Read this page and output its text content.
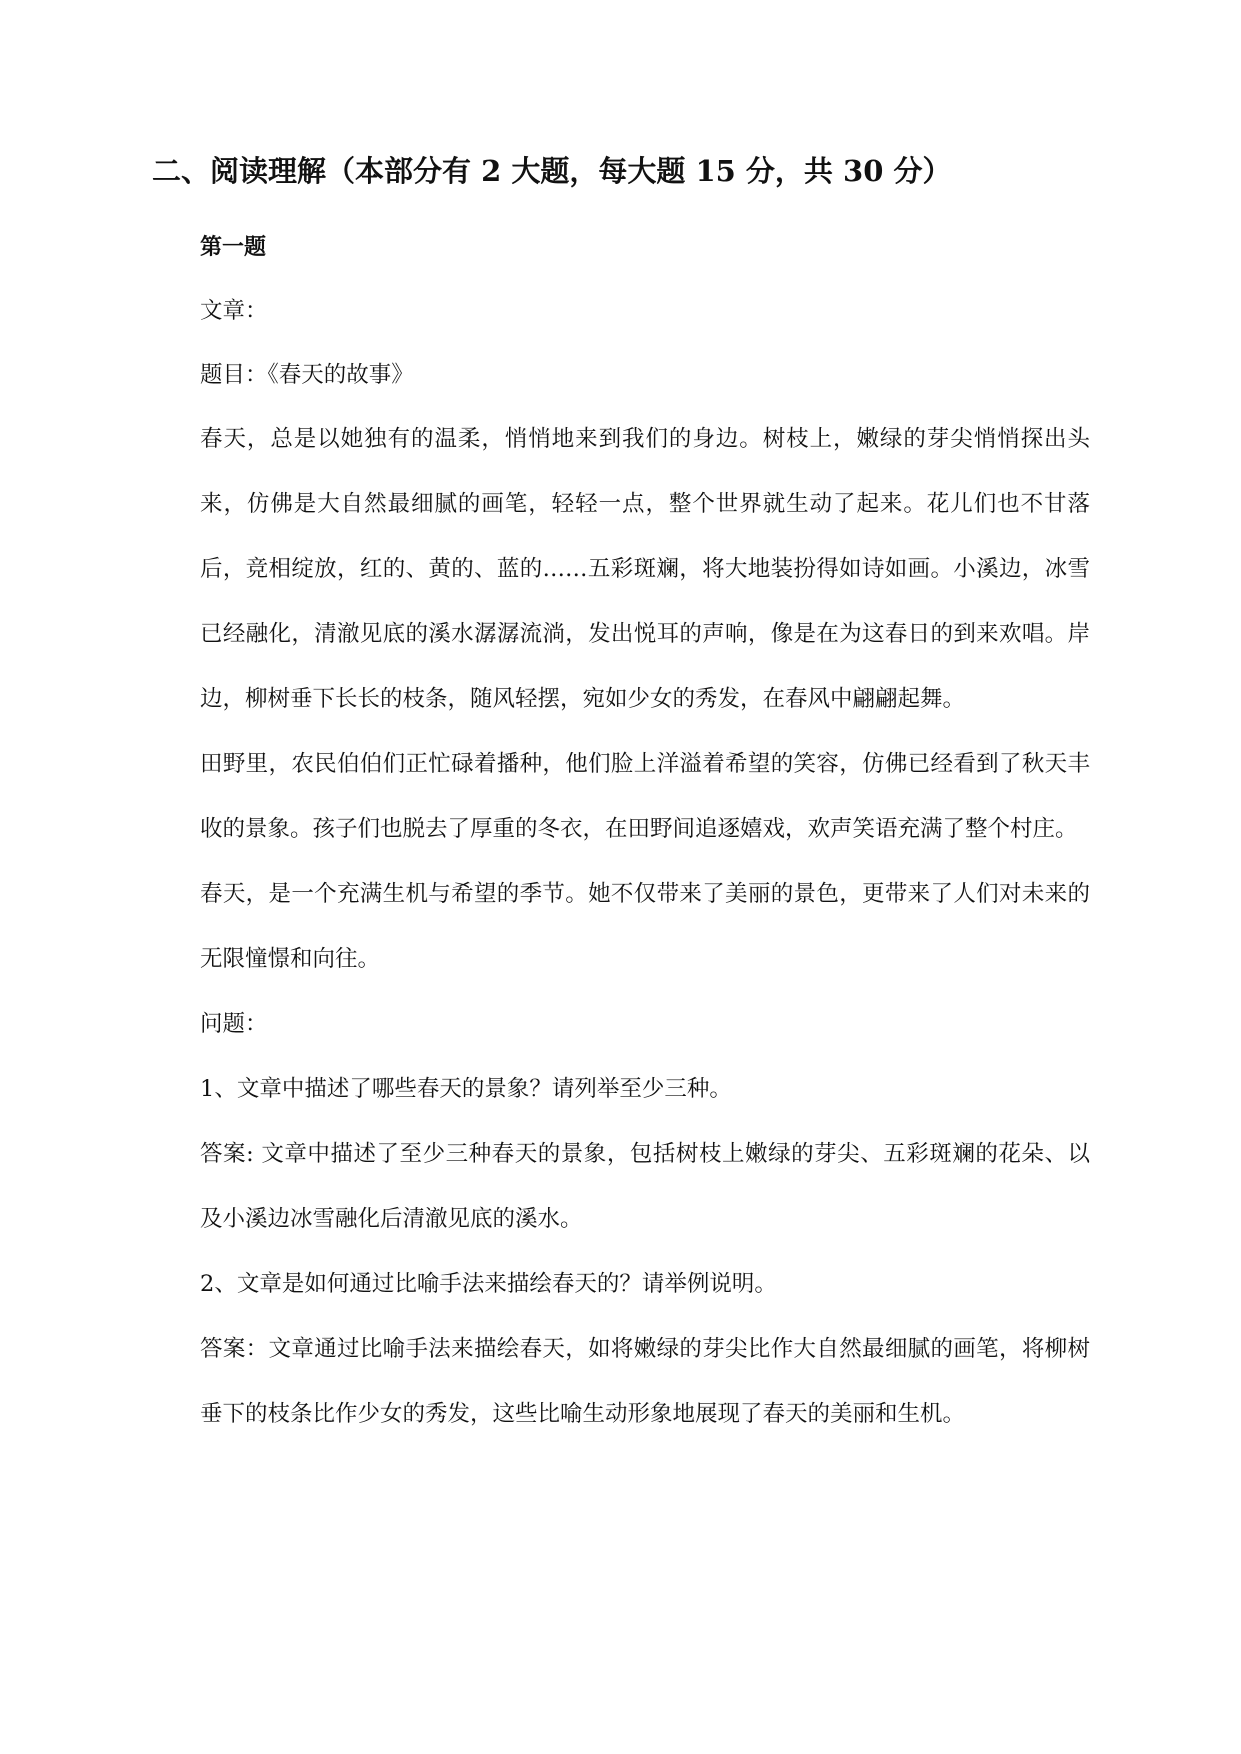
二、阅读理解（本部分有 2 大题，每大题 15 分，共 30 分）

第一题

文章：

题目：《春天的故事》

春天，总是以她独有的温柔，悄悄地来到我们的身边。树枝上，嫩绿的芽尖悄悄探出头来，仿佛是大自然最细腻的画笔，轻轻一点，整个世界就生动了起来。花儿们也不甘落后，竞相绽放，红的、黄的、蓝的……五彩斑斓，将大地装扮得如诗如画。小溪边，冰雪已经融化，清澈见底的溪水潺潺流淌，发出悦耳的声响，像是在为这春日的到来欢唱。岸边，柳树垂下长长的枝条，随风轻摆，宛如少女的秀发，在春风中翩翩起舞。

田野里，农民伯伯们正忙碌着播种，他们脸上洋溢着希望的笑容，仿佛已经看到了秋天丰收的景象。孩子们也脱去了厚重的冬衣，在田野间追逐嬉戏，欢声笑语充满了整个村庄。

春天，是一个充满生机与希望的季节。她不仅带来了美丽的景色，更带来了人们对未来的无限憧憬和向往。

问题：

1、文章中描述了哪些春天的景象？请列举至少三种。

答案: 文章中描述了至少三种春天的景象，包括树枝上嫩绿的芽尖、五彩斑斓的花朵、以及小溪边冰雪融化后清澈见底的溪水。

2、文章是如何通过比喻手法来描绘春天的？请举例说明。

答案：文章通过比喻手法来描绘春天，如将嫩绿的芽尖比作大自然最细腻的画笔，将柳树垂下的枝条比作少女的秀发，这些比喻生动形象地展现了春天的美丽和生机。
